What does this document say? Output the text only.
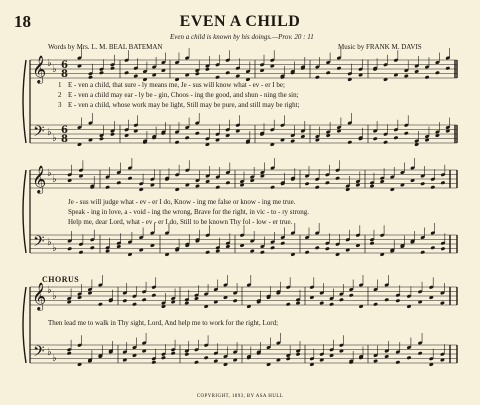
18	EVEN A CHILD
Even a child is known by his doings.—Prov. 20 : 11
Words by Mrs. L. M. BEAL BATEMAN	Music by FRANK M. DAVIS
𝄞
𝄢
♭
♭
♭
♭
6
8
6
8
𝄞
𝄢
♭
♭
♭
♭
𝄞
𝄢
♭
♭
♭
♭
1 E - ven a child, that sure - ly means me, Je - sus will know what - ev - er I be;
2 E - ven a child may ear - ly be - gin, Choos - ing the good, and shun - ning the sin;
3 E - ven a child, whose work may be light, Still may be pure, and still may be right;
Je - sus will judge what - ev - er I do, Know - ing me false or know - ing me true.
Speak - ing in love, a - void - ing the wrong, Brave for the right, in vic - to - ry strong.
Help me, dear Lord, what - ev - er I do, Still to be known Thy fol - low - er true.
CHORUS
Then lead me to walk in Thy sight, Lord, And help me to work for the right, Lord;
COPYRIGHT, 1893, BY ASA HULL
